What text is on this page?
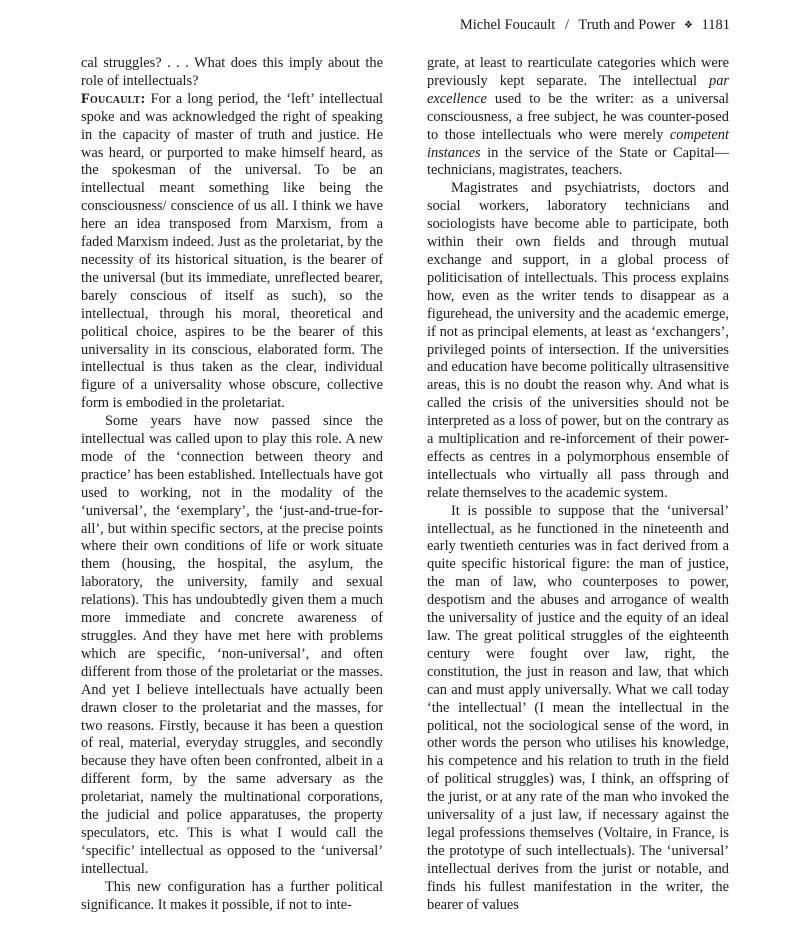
Michel Foucault / Truth and Power ❖ 1181

cal struggles? . . . What does this imply about the role of intellectuals?

Foucault: For a long period, the ‘left’ intellectual spoke and was acknowledged the right of speaking in the capacity of master of truth and justice. He was heard, or purported to make himself heard, as the spokesman of the universal. To be an intellectual meant something like being the consciousness/ conscience of us all. I think we have here an idea transposed from Marxism, from a faded Marxism indeed. Just as the proletariat, by the necessity of its historical situation, is the bearer of the universal (but its immediate, unreflected bearer, barely conscious of itself as such), so the intellectual, through his moral, theoretical and political choice, aspires to be the bearer of this universality in its conscious, elaborated form. The intellectual is thus taken as the clear, individual figure of a universality whose obscure, collective form is embodied in the proletariat.

Some years have now passed since the intellectual was called upon to play this role. A new mode of the ‘connection between theory and practice’ has been established. Intellectuals have got used to working, not in the modality of the ‘universal’, the ‘exemplary’, the ‘just-and-true-for-all’, but within specific sectors, at the precise points where their own conditions of life or work situate them (housing, the hospital, the asylum, the laboratory, the university, family and sexual relations). This has undoubtedly given them a much more immediate and concrete awareness of struggles. And they have met here with problems which are specific, ‘non-universal’, and often different from those of the proletariat or the masses. And yet I believe intellectuals have actually been drawn closer to the proletariat and the masses, for two reasons. Firstly, because it has been a question of real, material, everyday struggles, and secondly because they have often been confronted, albeit in a different form, by the same adversary as the proletariat, namely the multinational corporations, the judicial and police apparatuses, the property speculators, etc. This is what I would call the ‘specific’ intellectual as opposed to the ‘universal’ intellectual.

This new configuration has a further political significance. It makes it possible, if not to inte-

grate, at least to rearticulate categories which were previously kept separate. The intellectual par excellence used to be the writer: as a universal consciousness, a free subject, he was counter-posed to those intellectuals who were merely competent instances in the service of the State or Capital—technicians, magistrates, teachers.

Magistrates and psychiatrists, doctors and social workers, laboratory technicians and sociologists have become able to participate, both within their own fields and through mutual exchange and support, in a global process of politicisation of intellectuals. This process explains how, even as the writer tends to disappear as a figurehead, the university and the academic emerge, if not as principal elements, at least as ‘exchangers’, privileged points of intersection. If the universities and education have become politically ultrasensitive areas, this is no doubt the reason why. And what is called the crisis of the universities should not be interpreted as a loss of power, but on the contrary as a multiplication and re-inforcement of their power-effects as centres in a polymorphous ensemble of intellectuals who virtually all pass through and relate themselves to the academic system.

It is possible to suppose that the ‘universal’ intellectual, as he functioned in the nineteenth and early twentieth centuries was in fact derived from a quite specific historical figure: the man of justice, the man of law, who counterposes to power, despotism and the abuses and arrogance of wealth the universality of justice and the equity of an ideal law. The great political struggles of the eighteenth century were fought over law, right, the constitution, the just in reason and law, that which can and must apply universally. What we call today ‘the intellectual’ (I mean the intellectual in the political, not the sociological sense of the word, in other words the person who utilises his knowledge, his competence and his relation to truth in the field of political struggles) was, I think, an offspring of the jurist, or at any rate of the man who invoked the universality of a just law, if necessary against the legal professions themselves (Voltaire, in France, is the prototype of such intellectuals). The ‘universal’ intellectual derives from the jurist or notable, and finds his fullest manifestation in the writer, the bearer of values
